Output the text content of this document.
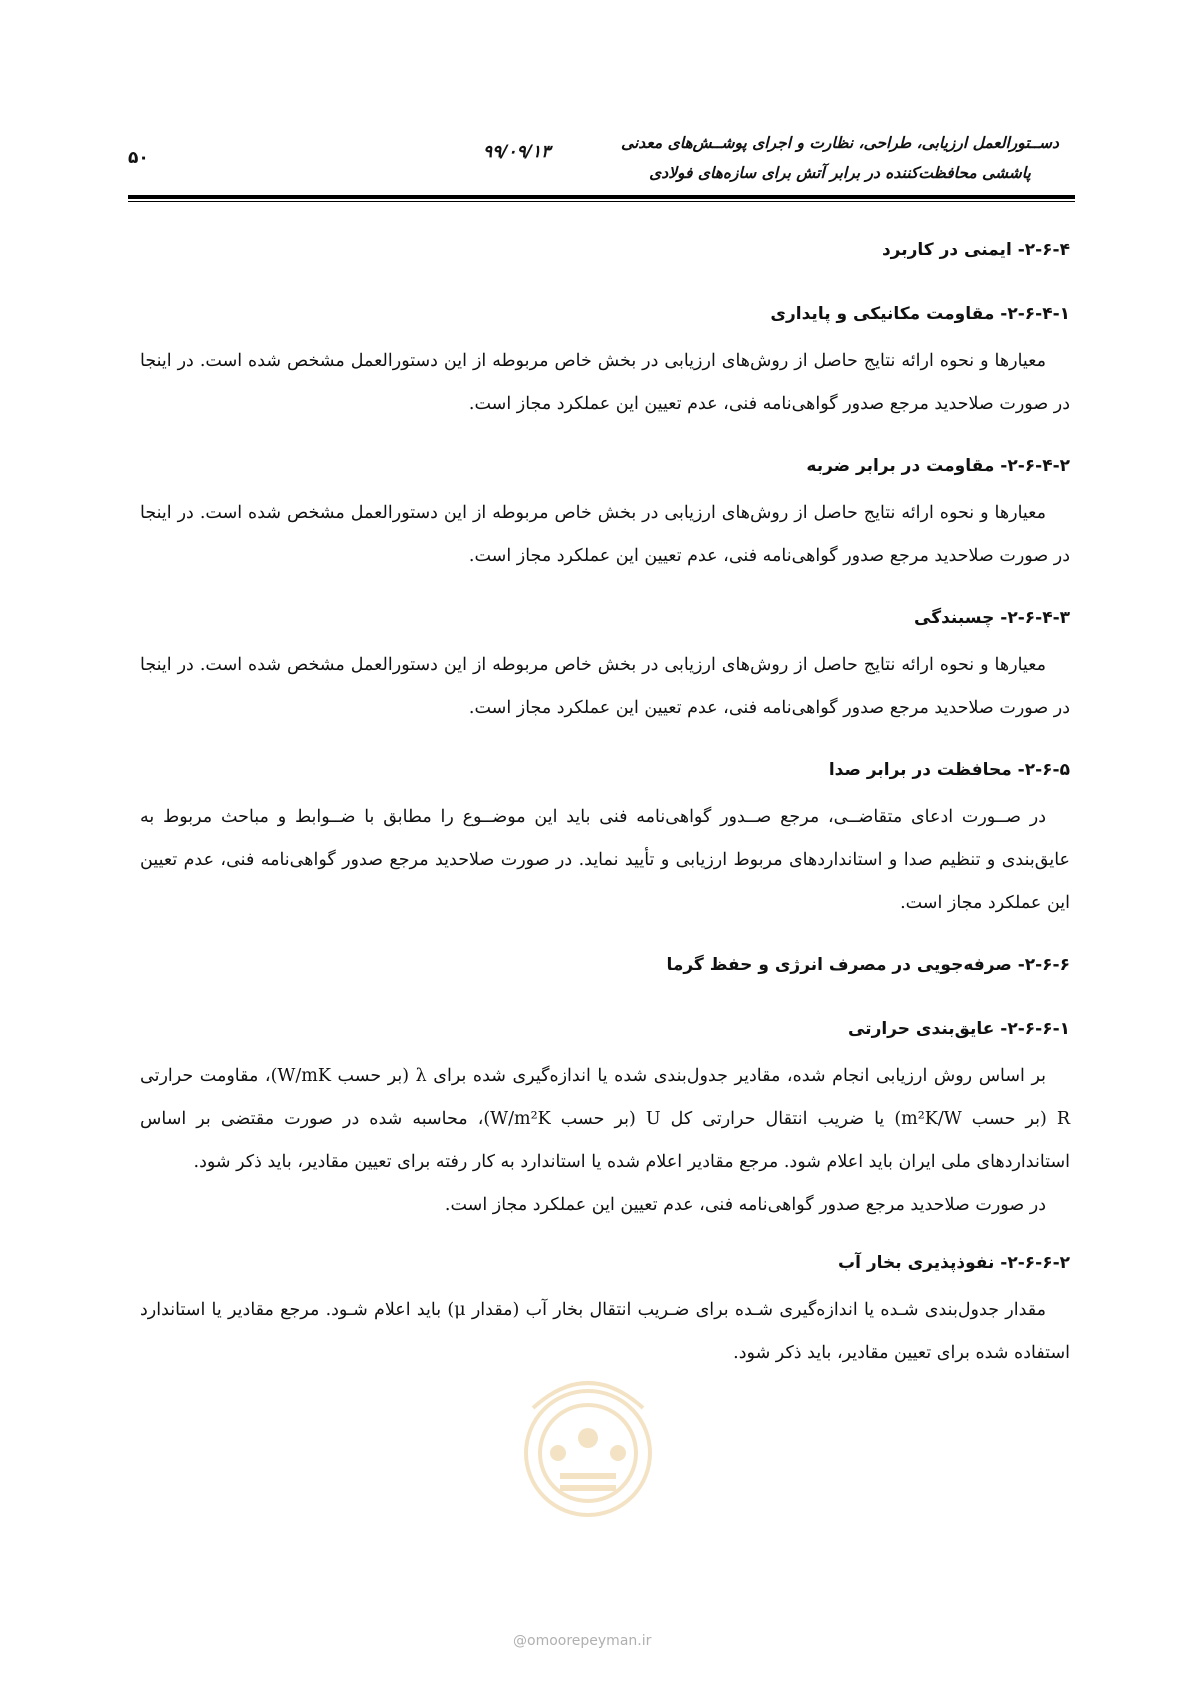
دســتورالعمل ارزیابی، طراحی، نظارت و اجرای پوشــش‌های معدنی
پاششی محافظت‌کننده در برابر آتش برای سازه‌های فولادی
۹۹/۰۹/۱۳
۵۰
۲-۶-۴- ایمنی در کاربرد
۲-۶-۴-۱- مقاومت مکانیکی و پایداری

معیارها و نحوه ارائه نتایج حاصل از روش‌های ارزیابی در بخش خاص مربوطه از این دستورالعمل مشخص شده است. در اینجا در صورت صلاحدید مرجع صدور گواهی‌نامه فنی، عدم تعیین این عملکرد مجاز است.

۲-۶-۴-۲- مقاومت در برابر ضربه

معیارها و نحوه ارائه نتایج حاصل از روش‌های ارزیابی در بخش خاص مربوطه از این دستورالعمل مشخص شده است. در اینجا در صورت صلاحدید مرجع صدور گواهی‌نامه فنی، عدم تعیین این عملکرد مجاز است.

۲-۶-۴-۳- چسبندگی

معیارها و نحوه ارائه نتایج حاصل از روش‌های ارزیابی در بخش خاص مربوطه از این دستورالعمل مشخص شده است. در اینجا در صورت صلاحدید مرجع صدور گواهی‌نامه فنی، عدم تعیین این عملکرد مجاز است.

۲-۶-۵- محافظت در برابر صدا

در صــورت ادعای متقاضــی، مرجع صــدور گواهی‌نامه فنی باید این موضــوع را مطابق با ضــوابط و مباحث مربوط به عایق‌بندی و تنظیم صدا و استانداردهای مربوط ارزیابی و تأیید نماید. در صورت صلاحدید مرجع صدور گواهی‌نامه فنی، عدم تعیین این عملکرد مجاز است.

۲-۶-۶- صرفه‌جویی در مصرف انرژی و حفظ گرما
۲-۶-۶-۱- عایق‌بندی حرارتی

بر اساس روش ارزیابی انجام شده، مقادیر جدول‌بندی شده یا اندازه‌گیری شده برای λ (بر حسب W/mK)، مقاومت حرارتی R (بر حسب m²K/W) یا ضریب انتقال حرارتی کل U (بر حسب W/m²K)، محاسبه شده در صورت مقتضی بر اساس استانداردهای ملی ایران باید اعلام شود. مرجع مقادیر اعلام شده یا استاندارد به کار رفته برای تعیین مقادیر، باید ذکر شود.

در صورت صلاحدید مرجع صدور گواهی‌نامه فنی، عدم تعیین این عملکرد مجاز است.

۲-۶-۶-۲- نفوذپذیری بخار آب

مقدار جدول‌بندی شـده یا اندازه‌گیری شـده برای ضـریب انتقال بخار آب (مقدار μ) باید اعلام شـود. مرجع مقادیر یا استاندارد استفاده شده برای تعیین مقادیر، باید ذکر شود.

@omoorepeyman.ir
